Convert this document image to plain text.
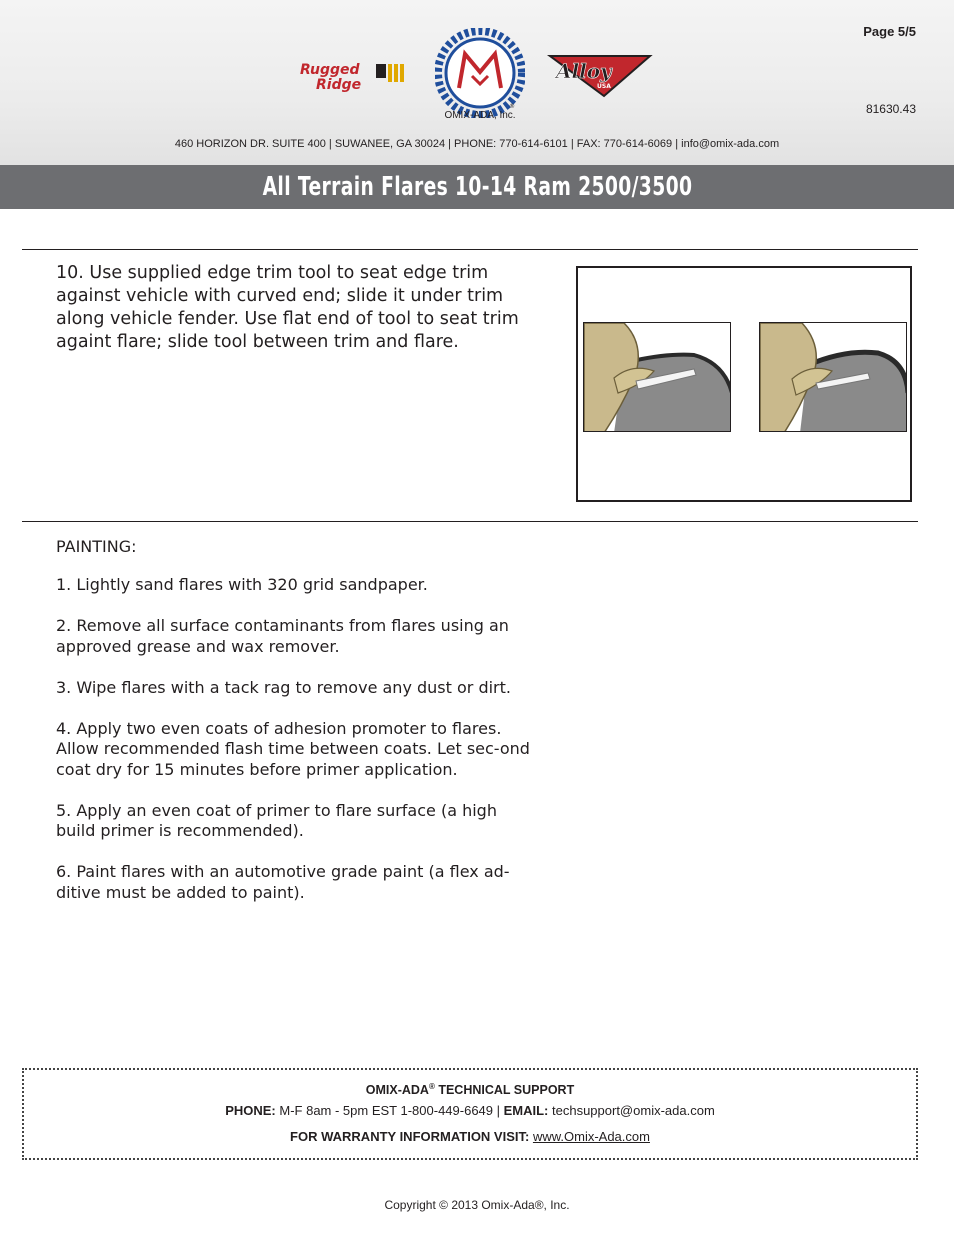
Page 5/5
81630.43
Rugged
Ridge
®
OMIX-ADA, Inc.
Alloy
USA
460 HORIZON DR. SUITE 400 | SUWANEE, GA 30024 | PHONE: 770-614-6101 | FAX: 770-614-6069 | info@omix-ada.com
All Terrain Flares 10-14 Ram 2500/3500
10. Use supplied edge trim tool to seat edge trim against vehicle with curved end; slide it under trim along vehicle fender. Use flat end of tool to seat trim againt flare; slide tool between trim and flare.
PAINTING:

1. Lightly sand flares with 320 grid sandpaper.

2. Remove all surface contaminants from flares using an approved grease and wax remover.

3. Wipe flares with a tack rag to remove any dust or dirt.

4. Apply two even coats of adhesion promoter to flares. Allow recommended flash time between coats. Let sec-ond coat dry for 15 minutes before primer application.

5. Apply an even coat of primer to flare surface (a high build primer is recommended).

6. Paint flares with an automotive grade paint (a flex ad-ditive must be added to paint).

OMIX-ADA® TECHNICAL SUPPORT
PHONE: M-F 8am - 5pm EST 1-800-449-6649 | EMAIL: techsupport@omix-ada.com
FOR WARRANTY INFORMATION VISIT: www.Omix-Ada.com
Copyright © 2013 Omix-Ada®, Inc.
